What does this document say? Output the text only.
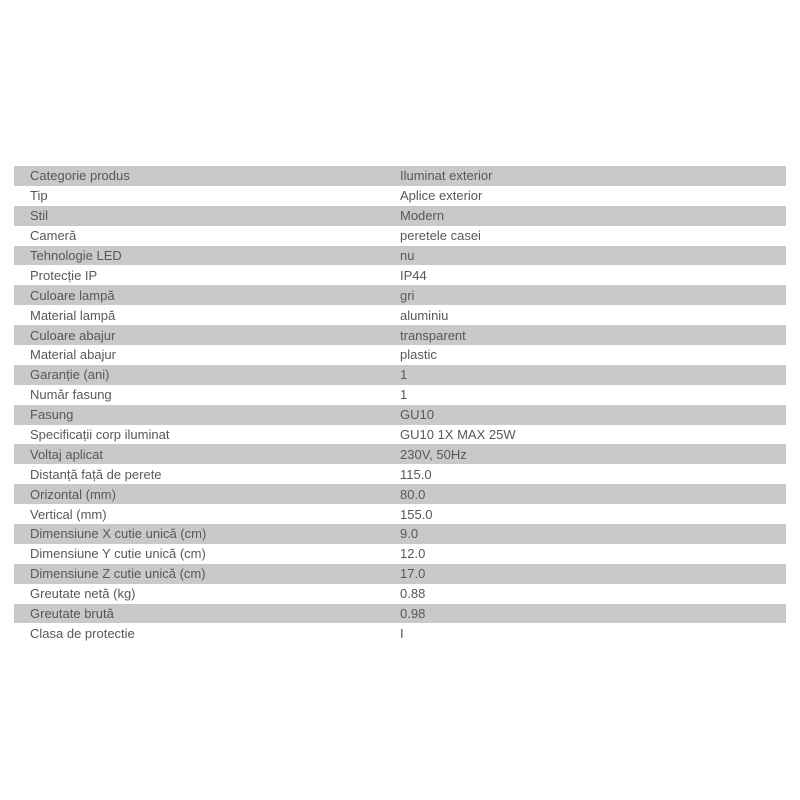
Categorie produs	Iluminat exterior
Tip	Aplice exterior
Stil	Modern
Cameră	peretele casei
Tehnologie LED	nu
Protecție IP	IP44
Culoare lampă	gri
Material lampă	aluminiu
Culoare abajur	transparent
Material abajur	plastic
Garanție (ani)	1
Număr fasung	1
Fasung	GU10
Specificații corp iluminat	GU10 1X MAX 25W
Voltaj aplicat	230V, 50Hz
Distanță față de perete	115.0
Orizontal (mm)	80.0
Vertical (mm)	155.0
Dimensiune X cutie unică (cm)	9.0
Dimensiune Y cutie unică (cm)	12.0
Dimensiune Z cutie unică (cm)	17.0
Greutate netă (kg)	0.88
Greutate brută	0.98
Clasa de protectie	I
